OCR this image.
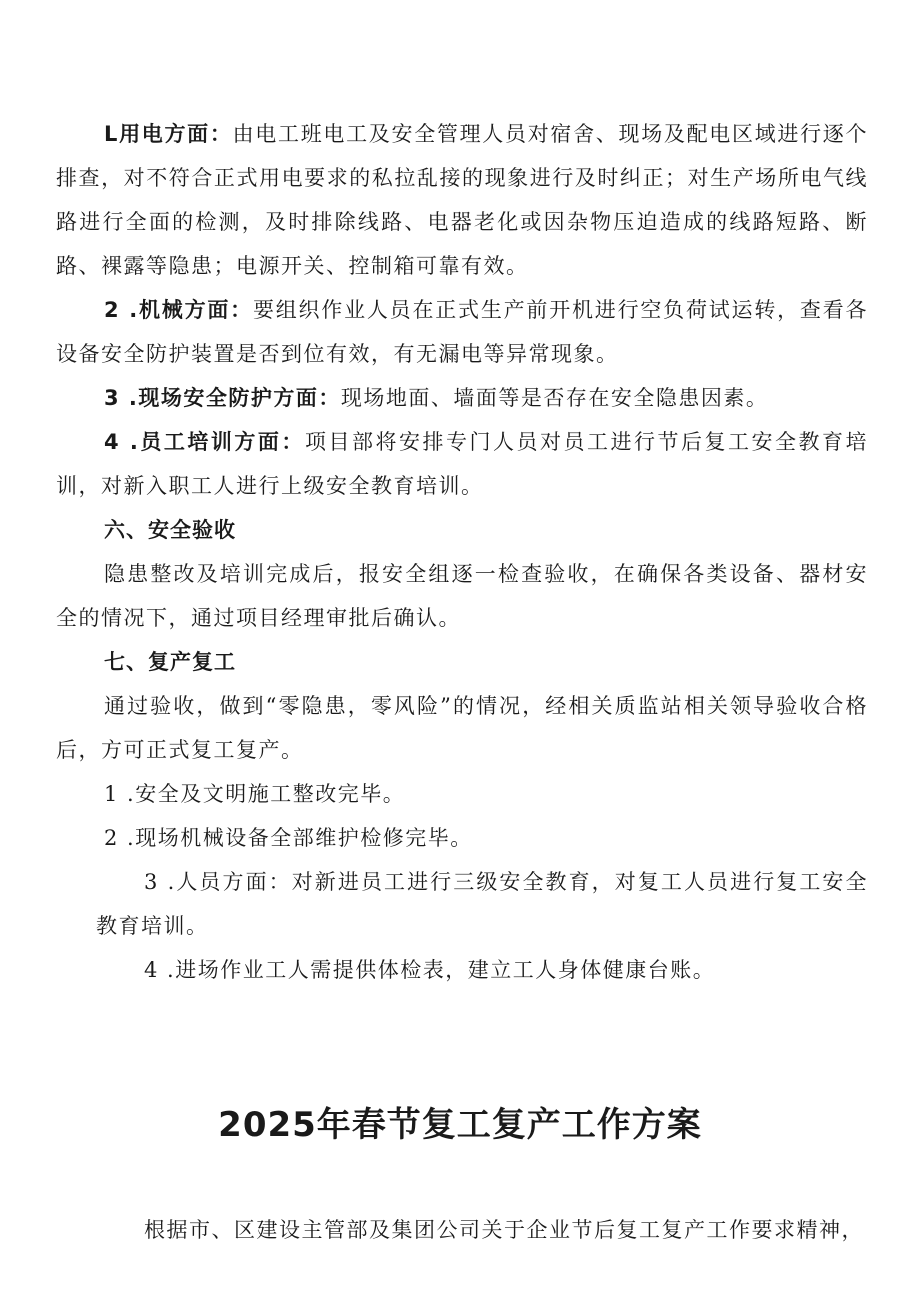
L用电方面：由电工班电工及安全管理人员对宿舍、现场及配电区域进行逐个排查，对不符合正式用电要求的私拉乱接的现象进行及时纠正；对生产场所电气线路进行全面的检测，及时排除线路、电器老化或因杂物压迫造成的线路短路、断路、裸露等隐患；电源开关、控制箱可靠有效。

2 .机械方面：要组织作业人员在正式生产前开机进行空负荷试运转，查看各设备安全防护装置是否到位有效，有无漏电等异常现象。

3 .现场安全防护方面：现场地面、墙面等是否存在安全隐患因素。

4 .员工培训方面：项目部将安排专门人员对员工进行节后复工安全教育培训，对新入职工人进行上级安全教育培训。

六、安全验收

隐患整改及培训完成后，报安全组逐一检查验收，在确保各类设备、器材安全的情况下，通过项目经理审批后确认。

七、复产复工

通过验收，做到“零隐患，零风险”的情况，经相关质监站相关领导验收合格后，方可正式复工复产。

1 .安全及文明施工整改完毕。

2 .现场机械设备全部维护检修完毕。

3 .人员方面：对新进员工进行三级安全教育，对复工人员进行复工安全教育培训。

4 .进场作业工人需提供体检表，建立工人身体健康台账。

2025年春节复工复产工作方案

根据市、区建设主管部及集团公司关于企业节后复工复产工作要求精神，
